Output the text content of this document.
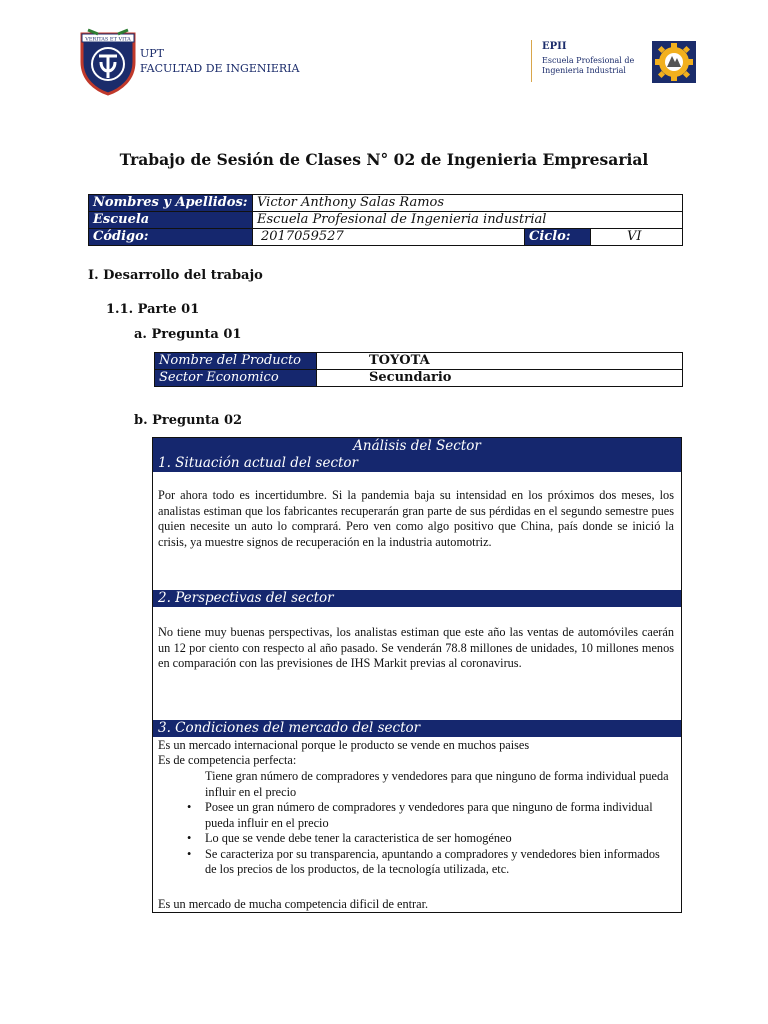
VERITAS ET VITA
UPT
FACULTAD DE INGENIERIA
EPII
Escuela Profesional de
Ingenieria Industrial
Trabajo de Sesión de Clases N° 02 de Ingenieria Empresarial
Nombres y Apellidos:	Victor Anthony Salas Ramos		
Escuela	Escuela Profesional de Ingenieria industrial		
Código:	2017059527	Ciclo:	VI
I. Desarrollo del trabajo
1.1. Parte 01
a. Pregunta 01
Nombre del Producto	TOYOTA
Sector Economico	Secundario
b. Pregunta 02
Análisis del Sector
1. Situación actual del sector
Por ahora todo es incertidumbre. Si la pandemia baja su intensidad en los próximos dos meses, los analistas estiman que los fabricantes recuperarán gran parte de sus pérdidas en el segundo semestre pues quien necesite un auto lo comprará. Pero ven como algo positivo que China, país donde se inició la crisis, ya muestre signos de recuperación en la industria automotriz.
2. Perspectivas del sector
No tiene muy buenas perspectivas, los analistas estiman que este año las ventas de automóviles caerán un 12 por ciento con respecto al año pasado. Se venderán 78.8 millones de unidades, 10 millones menos en comparación con las previsiones de IHS Markit previas al coronavirus.
3. Condiciones del mercado del sector
Es un mercado internacional porque le producto se vende en muchos paises
Es de competencia perfecta:
Tiene gran número de compradores y vendedores para que ninguno de forma individual pueda influir en el precio
• Posee un gran número de compradores y vendedores para que ninguno de forma individual pueda influir en el precio
• Lo que se vende debe tener la caracteristica de ser homogéneo
• Se caracteriza por su transparencia, apuntando a compradores y vendedores bien informados de los precios de los productos, de la tecnología utilizada, etc.
Es un mercado de mucha competencia dificil de entrar.
